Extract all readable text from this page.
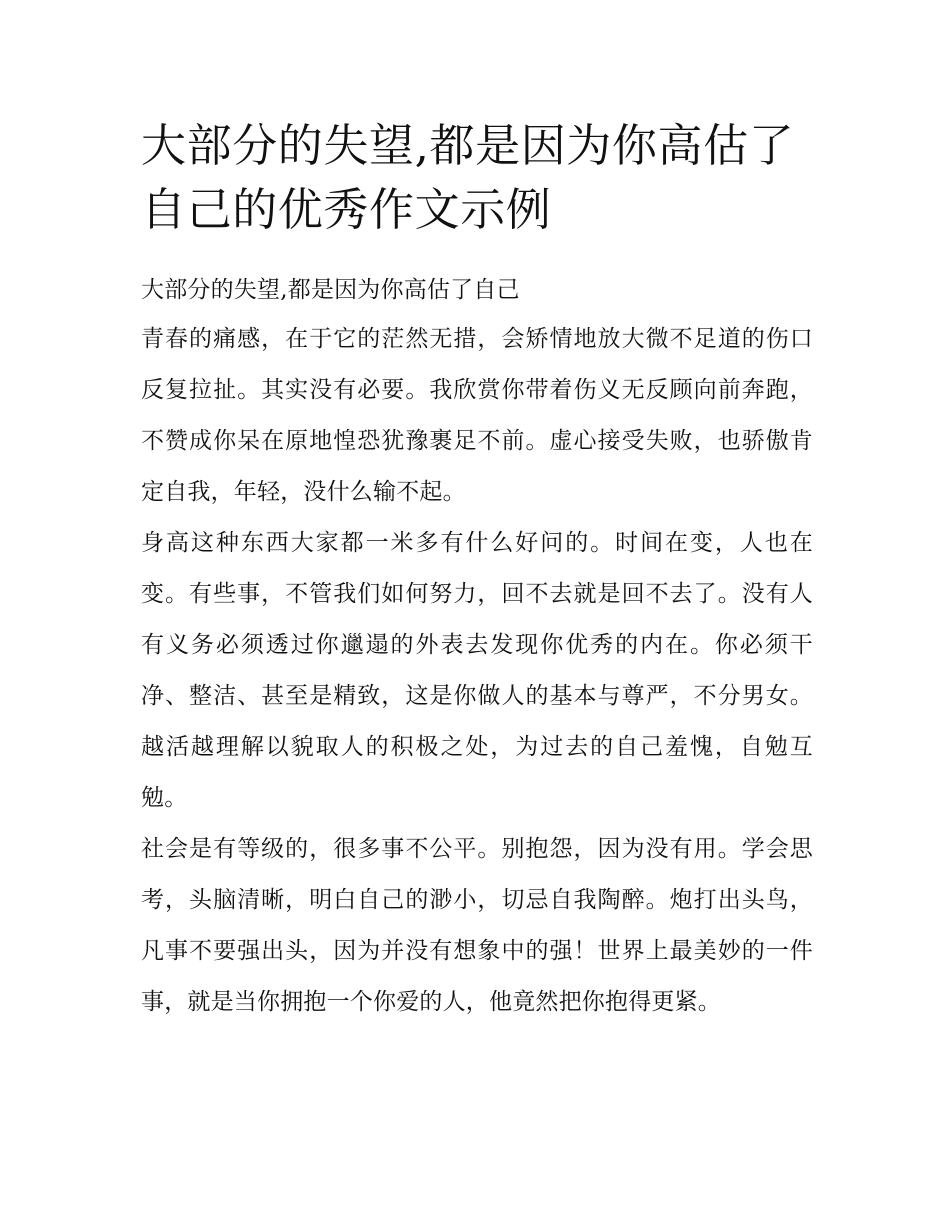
大部分的失望,都是因为你高估了自己的优秀作文示例

大部分的失望,都是因为你高估了自己

青春的痛感，在于它的茫然无措，会矫情地放大微不足道的伤口反复拉扯。其实没有必要。我欣赏你带着伤义无反顾向前奔跑，不赞成你呆在原地惶恐犹豫裹足不前。虚心接受失败，也骄傲肯定自我，年轻，没什么输不起。

身高这种东西大家都一米多有什么好问的。时间在变，人也在变。有些事，不管我们如何努力，回不去就是回不去了。没有人有义务必须透过你邋遢的外表去发现你优秀的内在。你必须干净、整洁、甚至是精致，这是你做人的基本与尊严，不分男女。越活越理解以貌取人的积极之处，为过去的自己羞愧，自勉互勉。

社会是有等级的，很多事不公平。别抱怨，因为没有用。学会思考，头脑清晰，明白自己的渺小，切忌自我陶醉。炮打出头鸟，凡事不要强出头，因为并没有想象中的强！世界上最美妙的一件事，就是当你拥抱一个你爱的人，他竟然把你抱得更紧。
